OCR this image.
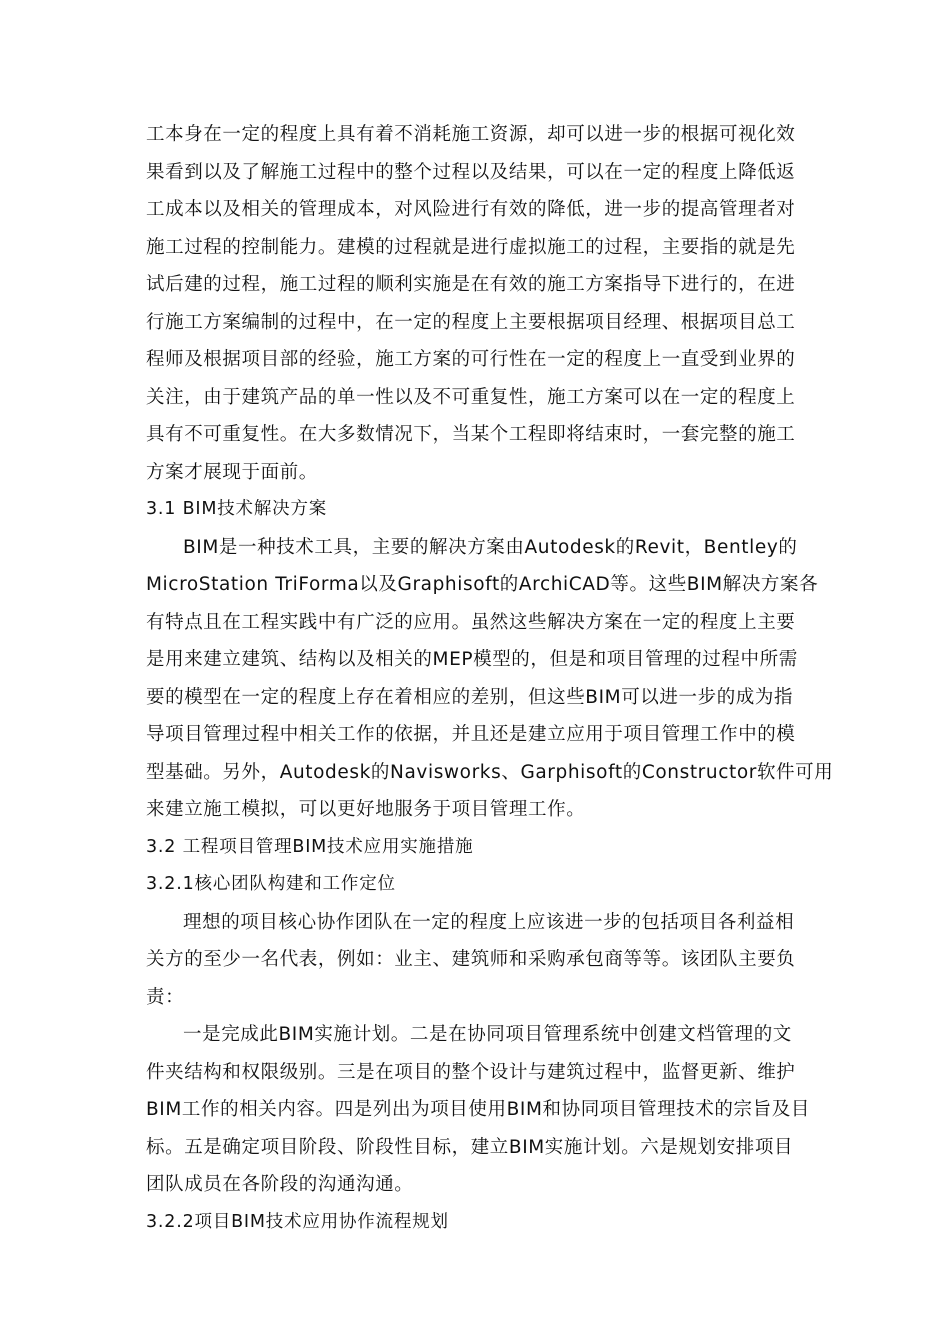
工本身在一定的程度上具有着不消耗施工资源，却可以进一步的根据可视化效
果看到以及了解施工过程中的整个过程以及结果，可以在一定的程度上降低返
工成本以及相关的管理成本，对风险进行有效的降低，进一步的提高管理者对
施工过程的控制能力。建模的过程就是进行虚拟施工的过程，主要指的就是先
试后建的过程，施工过程的顺利实施是在有效的施工方案指导下进行的，在进
行施工方案编制的过程中，在一定的程度上主要根据项目经理、根据项目总工
程师及根据项目部的经验，施工方案的可行性在一定的程度上一直受到业界的
关注，由于建筑产品的单一性以及不可重复性，施工方案可以在一定的程度上
具有不可重复性。在大多数情况下，当某个工程即将结束时，一套完整的施工
方案才展现于面前。
3.1 BIM技术解决方案
BIM是一种技术工具，主要的解决方案由Autodesk的Revit，Bentley的
MicroStation TriForma以及Graphisoft的ArchiCAD等。这些BIM解决方案各
有特点且在工程实践中有广泛的应用。虽然这些解决方案在一定的程度上主要
是用来建立建筑、结构以及相关的MEP模型的，但是和项目管理的过程中所需
要的模型在一定的程度上存在着相应的差别，但这些BIM可以进一步的成为指
导项目管理过程中相关工作的依据，并且还是建立应用于项目管理工作中的模
型基础。另外，Autodesk的Navisworks、Garphisoft的Constructor软件可用
来建立施工模拟，可以更好地服务于项目管理工作。
3.2 工程项目管理BIM技术应用实施措施
3.2.1核心团队构建和工作定位
理想的项目核心协作团队在一定的程度上应该进一步的包括项目各利益相
关方的至少一名代表，例如：业主、建筑师和采购承包商等等。该团队主要负
责：
一是完成此BIM实施计划。二是在协同项目管理系统中创建文档管理的文
件夹结构和权限级别。三是在项目的整个设计与建筑过程中，监督更新、维护
BIM工作的相关内容。四是列出为项目使用BIM和协同项目管理技术的宗旨及目
标。五是确定项目阶段、阶段性目标，建立BIM实施计划。六是规划安排项目
团队成员在各阶段的沟通沟通。
3.2.2项目BIM技术应用协作流程规划
